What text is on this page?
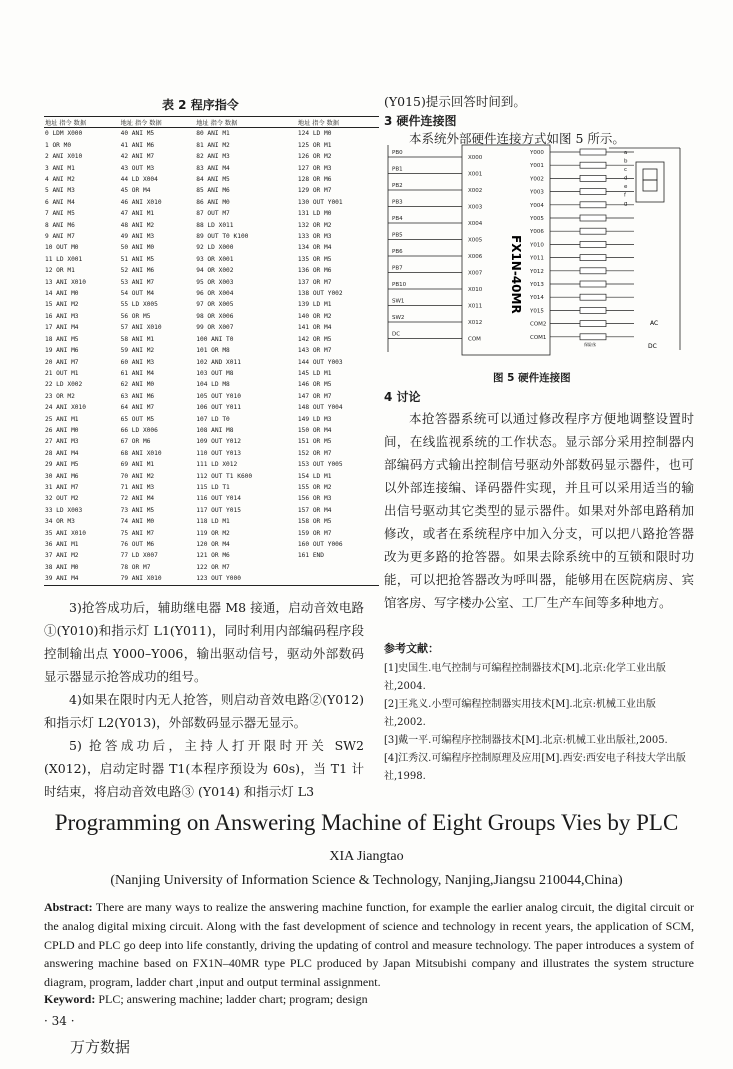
表 2 程序指令
地址 指令 数据	地址 指令 数据	地址 指令 数据	地址 指令 数据
0 LDM X000	40 ANI M5	80 ANI M1	124 LD M0
1 OR M0	41 ANI M6	81 ANI M2	125 OR M1
2 ANI X010	42 ANI M7	82 ANI M3	126 OR M2
3 ANI M1	43 OUT M3	83 ANI M4	127 OR M3
4 ANI M2	44 LD X004	84 ANI M5	128 OR M6
5 ANI M3	45 OR M4	85 ANI M6	129 OR M7
6 ANI M4	46 ANI X010	86 ANI M0	130 OUT Y001
7 ANI M5	47 ANI M1	87 OUT M7	131 LD M0
8 ANI M6	48 ANI M2	88 LD X011	132 OR M2
9 ANI M7	49 ANI M3	89 OUT T0 K100	133 OR M3
10 OUT M0	50 ANI M0	92 LD X000	134 OR M4
11 LD X001	51 ANI M5	93 OR X001	135 OR M5
12 OR M1	52 ANI M6	94 OR X002	136 OR M6
13 ANI X010	53 ANI M7	95 OR X003	137 OR M7
14 ANI M0	54 OUT M4	96 OR X004	138 OUT Y002
15 ANI M2	55 LD X005	97 OR X005	139 LD M1
16 ANI M3	56 OR M5	98 OR X006	140 OR M2
17 ANI M4	57 ANI X010	99 OR X007	141 OR M4
18 ANI M5	58 ANI M1	100 ANI T0	142 OR M5
19 ANI M6	59 ANI M2	101 OR M8	143 OR M7
20 ANI M7	60 ANI M3	102 AND X011	144 OUT Y003
21 OUT M1	61 ANI M4	103 OUT M8	145 LD M1
22 LD X002	62 ANI M0	104 LD M8	146 OR M5
23 OR M2	63 ANI M6	105 OUT Y010	147 OR M7
24 ANI X010	64 ANI M7	106 OUT Y011	148 OUT Y004
25 ANI M1	65 OUT M5	107 LD T0	149 LD M3
26 ANI M0	66 LD X006	108 ANI M8	150 OR M4
27 ANI M3	67 OR M6	109 OUT Y012	151 OR M5
28 ANI M4	68 ANI X010	110 OUT Y013	152 OR M7
29 ANI M5	69 ANI M1	111 LD X012	153 OUT Y005
30 ANI M6	70 ANI M2	112 OUT T1 K600	154 LD M1
31 ANI M7	71 ANI M3	115 LD T1	155 OR M2
32 OUT M2	72 ANI M4	116 OUT Y014	156 OR M3
33 LD X003	73 ANI M5	117 OUT Y015	157 OR M4
34 OR M3	74 ANI M0	118 LD M1	158 OR M5
35 ANI X010	75 ANI M7	119 OR M2	159 OR M7
36 ANI M1	76 OUT M6	120 OR M4	160 OUT Y006
37 ANI M2	77 LD X007	121 OR M6	161 END
38 ANI M0	78 OR M7	122 OR M7	
39 ANI M4	79 ANI X010	123 OUT Y000	

3)抢答成功后，辅助继电器 M8 接通，启动音效电路①(Y010)和指示灯 L1(Y011)，同时利用内部编码程序段控制输出点 Y000–Y006，输出驱动信号，驱动外部数码显示器显示抢答成功的组号。

4)如果在限时内无人抢答，则启动音效电路②(Y012)和指示灯 L2(Y013)，外部数码显示器无显示。

5) 抢答成功后，主持人打开限时开关 SW2 (X012)，启动定时器 T1(本程序预设为 60s)，当 T1 计时结束，将启动音效电路③ (Y014) 和指示灯 L3

(Y015)提示回答时间到。
3 硬件连接图
本系统外部硬件连接方式如图 5 所示。
FX1N-40MR
PB0
X000
PB1
X001
PB2
X002
PB3
X003
PB4
X004
PB5
X005
PB6
X006
PB7
X007
PB10
X010
SW1
X011
SW2
X012
DC
COM
Y000
Y001
Y002
Y003
Y004
Y005
Y006
Y010
Y011
Y012
Y013
Y014
Y015
COM2
COM1
a
b
c
d
e
f
g
AC
DC
保险丝
图 5 硬件连接图
4 讨论

本抢答器系统可以通过修改程序方便地调整设置时间，在线监视系统的工作状态。显示部分采用控制器内部编码方式输出控制信号驱动外部数码显示器件，也可以外部连接编、译码器件实现，并且可以采用适当的输出信号驱动其它类型的显示器件。如果对外部电路稍加修改，或者在系统程序中加入分支，可以把八路抢答器改为更多路的抢答器。如果去除系统中的互锁和限时功能，可以把抢答器改为呼叫器，能够用在医院病房、宾馆客房、写字楼办公室、工厂生产车间等多种地方。

参考文献：
[1]史国生.电气控制与可编程控制器技术[M].北京:化学工业出版社,2004.
[2]王兆义.小型可编程控制器实用技术[M].北京:机械工业出版社,2002.
[3]戴一平.可编程序控制器技术[M].北京:机械工业出版社,2005.
[4]江秀汉.可编程序控制原理及应用[M].西安:西安电子科技大学出版社,1998.
Programming on Answering Machine of Eight Groups Vies by PLC
XIA Jiangtao
(Nanjing University of Information Science & Technology, Nanjing,Jiangsu 210044,China)
Abstract: There are many ways to realize the answering machine function, for example the earlier analog circuit, the digital circuit or the analog digital mixing circuit. Along with the fast development of science and technology in recent years, the application of SCM, CPLD and PLC go deep into life constantly, driving the updating of control and measure technology. The paper introduces a system of answering machine based on FX1N–40MR type PLC produced by Japan Mitsubishi company and illustrates the system structure diagram, program, ladder chart ,input and output terminal assignment.
Keyword: PLC; answering machine; ladder chart; program; design
· 34 ·
万方数据
